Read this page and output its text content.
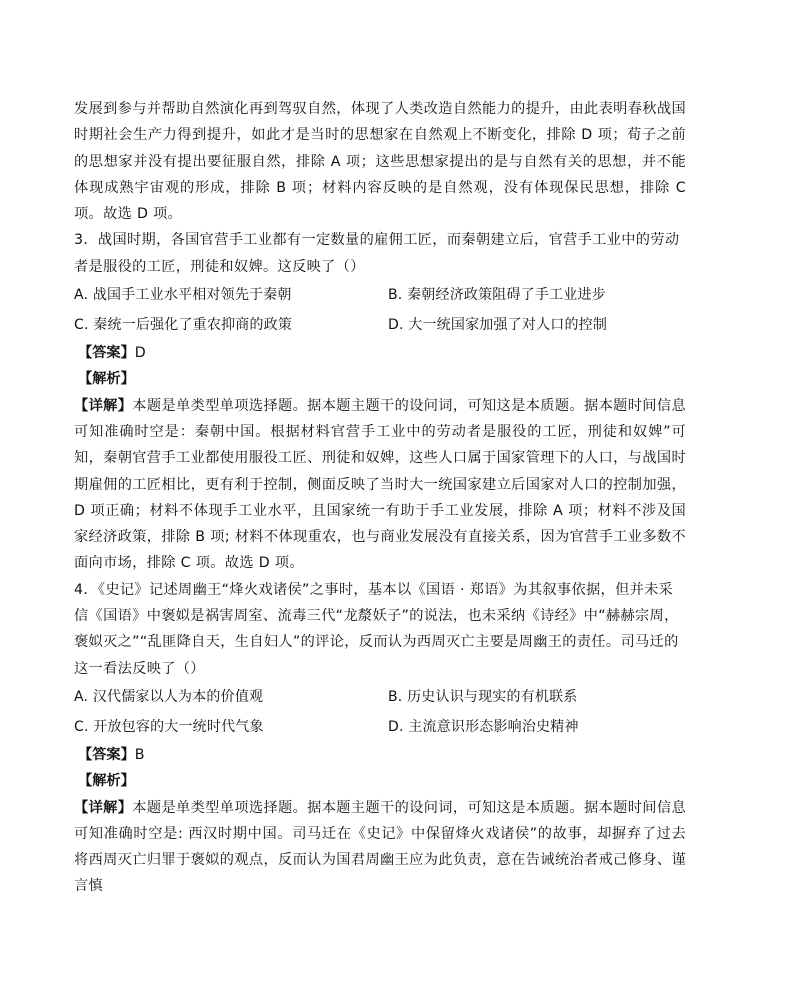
发展到参与并帮助自然演化再到驾驭自然，体现了人类改造自然能力的提升，由此表明春秋战国时期社会生产力得到提升，如此才是当时的思想家在自然观上不断变化，排除 D 项；荀子之前的思想家并没有提出要征服自然，排除 A 项；这些思想家提出的是与自然有关的思想，并不能体现成熟宇宙观的形成，排除 B 项；材料内容反映的是自然观，没有体现保民思想，排除 C 项。故选 D 项。

3．战国时期，各国官营手工业都有一定数量的雇佣工匠，而秦朝建立后，官营手工业中的劳动者是服役的工匠，刑徒和奴婢。这反映了（）

A. 战国手工业水平相对领先于秦朝	B. 秦朝经济政策阻碍了手工业进步
C. 秦统一后强化了重农抑商的政策	D. 大一统国家加强了对人口的控制

【答案】D

【解析】

【详解】本题是单类型单项选择题。据本题主题干的设问词，可知这是本质题。据本题时间信息可知准确时空是：秦朝中国。根据材料官营手工业中的劳动者是服役的工匠，刑徒和奴婢”可知，秦朝官营手工业都使用服役工匠、刑徒和奴婢，这些人口属于国家管理下的人口，与战国时期雇佣的工匠相比，更有利于控制，侧面反映了当时大一统国家建立后国家对人口的控制加强，D 项正确；材料不体现手工业水平，且国家统一有助于手工业发展，排除 A 项；材料不涉及国家经济政策，排除 B 项; 材料不体现重农，也与商业发展没有直接关系，因为官营手工业多数不面向市场，排除 C 项。故选 D 项。

4．《史记》记述周幽王“烽火戏诸侯”之事时，基本以《国语 · 郑语》为其叙事依据，但并未采信《国语》中褒姒是祸害周室、流毒三代“龙漦妖子”的说法，也未采纳《诗经》中“赫赫宗周，褒姒灭之”“乱匪降自天，生自妇人”的评论，反而认为西周灭亡主要是周幽王的责任。司马迁的这一看法反映了（）

A. 汉代儒家以人为本的价值观	B. 历史认识与现实的有机联系
C. 开放包容的大一统时代气象	D. 主流意识形态影响治史精神

【答案】B

【解析】

【详解】本题是单类型单项选择题。据本题主题干的设问词，可知这是本质题。据本题时间信息可知准确时空是: 西汉时期中国。司马迁在《史记》中保留烽火戏诸侯”的故事，却摒弃了过去将西周灭亡归罪于褒姒的观点，反而认为国君周幽王应为此负责，意在告诫统治者戒己修身、谨言慎
